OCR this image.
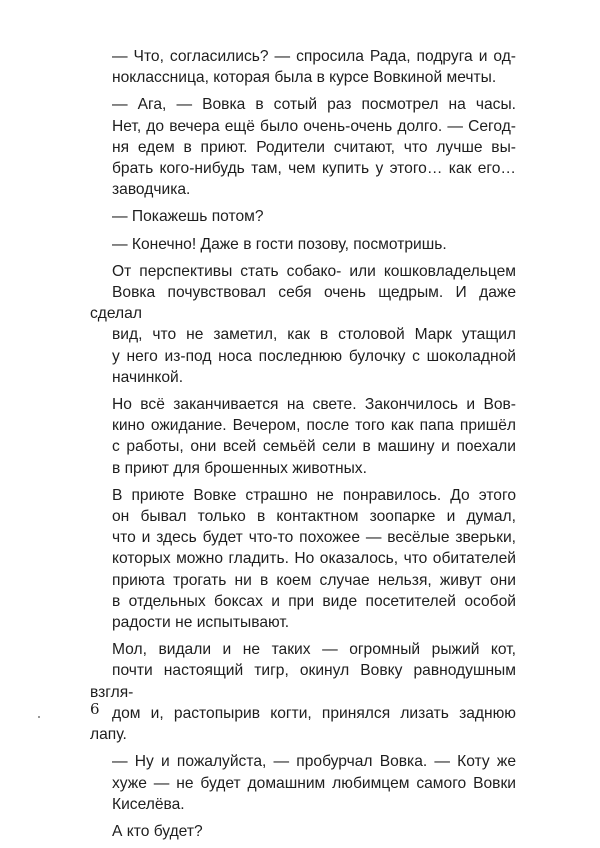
— Что, согласились? — спросила Рада, подруга и од-
ноклассница, которая была в курсе Вовкиной мечты.
— Ага, — Вовка в сотый раз посмотрел на часы.
Нет, до вечера ещё было очень-очень долго. — Сегод-
ня едем в приют. Родители считают, что лучше вы-
брать кого-нибудь там, чем купить у этого… как его…
заводчика.
— Покажешь потом?
— Конечно! Даже в гости позову, посмотришь.
От перспективы стать собако- или кошковладельцем
Вовка почувствовал себя очень щедрым. И даже сделал
вид, что не заметил, как в столовой Марк утащил
у него из-под носа последнюю булочку с шоколадной
начинкой.
Но всё заканчивается на свете. Закончилось и Вов-
кино ожидание. Вечером, после того как папа пришёл
с работы, они всей семьёй сели в машину и поехали
в приют для брошенных животных.
В приюте Вовке страшно не понравилось. До этого
он бывал только в контактном зоопарке и думал,
что и здесь будет что-то похожее — весёлые зверьки,
которых можно гладить. Но оказалось, что обитателей
приюта трогать ни в коем случае нельзя, живут они
в отдельных боксах и при виде посетителей особой
радости не испытывают.
Мол, видали и не таких — огромный рыжий кот,
почти настоящий тигр, окинул Вовку равнодушным взгля-
дом и, растопырив когти, принялся лизать заднюю лапу.
— Ну и пожалуйста, — пробурчал Вовка. — Коту же
хуже — не будет домашним любимцем самого Вовки
Киселёва.
А кто будет?
6
